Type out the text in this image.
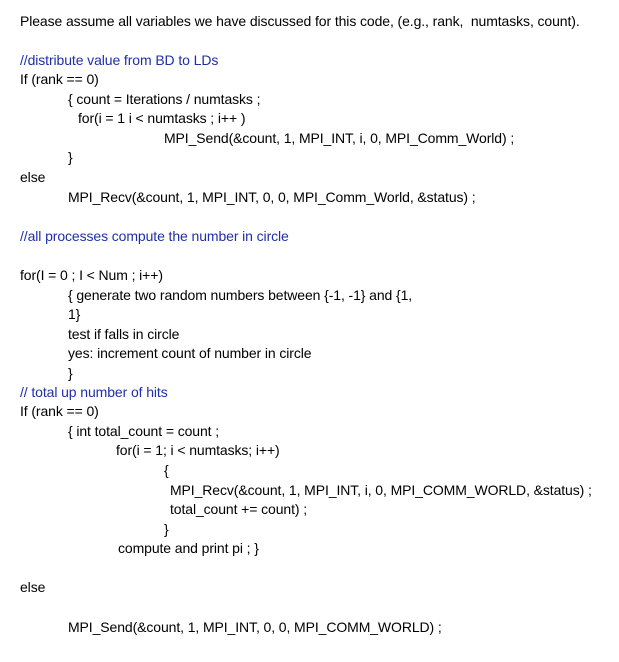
Please assume all variables we have discussed for this code, (e.g., rank,  numtasks, count).
//distribute value from BD to LDs
If (rank == 0)
{ count = Iterations / numtasks ;
for(i = 1 i < numtasks ; i++ )
MPI_Send(&count, 1, MPI_INT, i, 0, MPI_Comm_World) ;
}
else
MPI_Recv(&count, 1, MPI_INT, 0, 0, MPI_Comm_World, &status) ;
//all processes compute the number in circle
for(I = 0 ; I < Num ; i++)
{ generate two random numbers between {-1, -1} and {1,
1}
test if falls in circle
yes: increment count of number in circle
}
// total up number of hits
If (rank == 0)
{ int total_count = count ;
for(i = 1; i < numtasks; i++)
{
MPI_Recv(&count, 1, MPI_INT, i, 0, MPI_COMM_WORLD, &status) ;
total_count += count) ;
}
compute and print pi ; }
else
MPI_Send(&count, 1, MPI_INT, 0, 0, MPI_COMM_WORLD) ;
